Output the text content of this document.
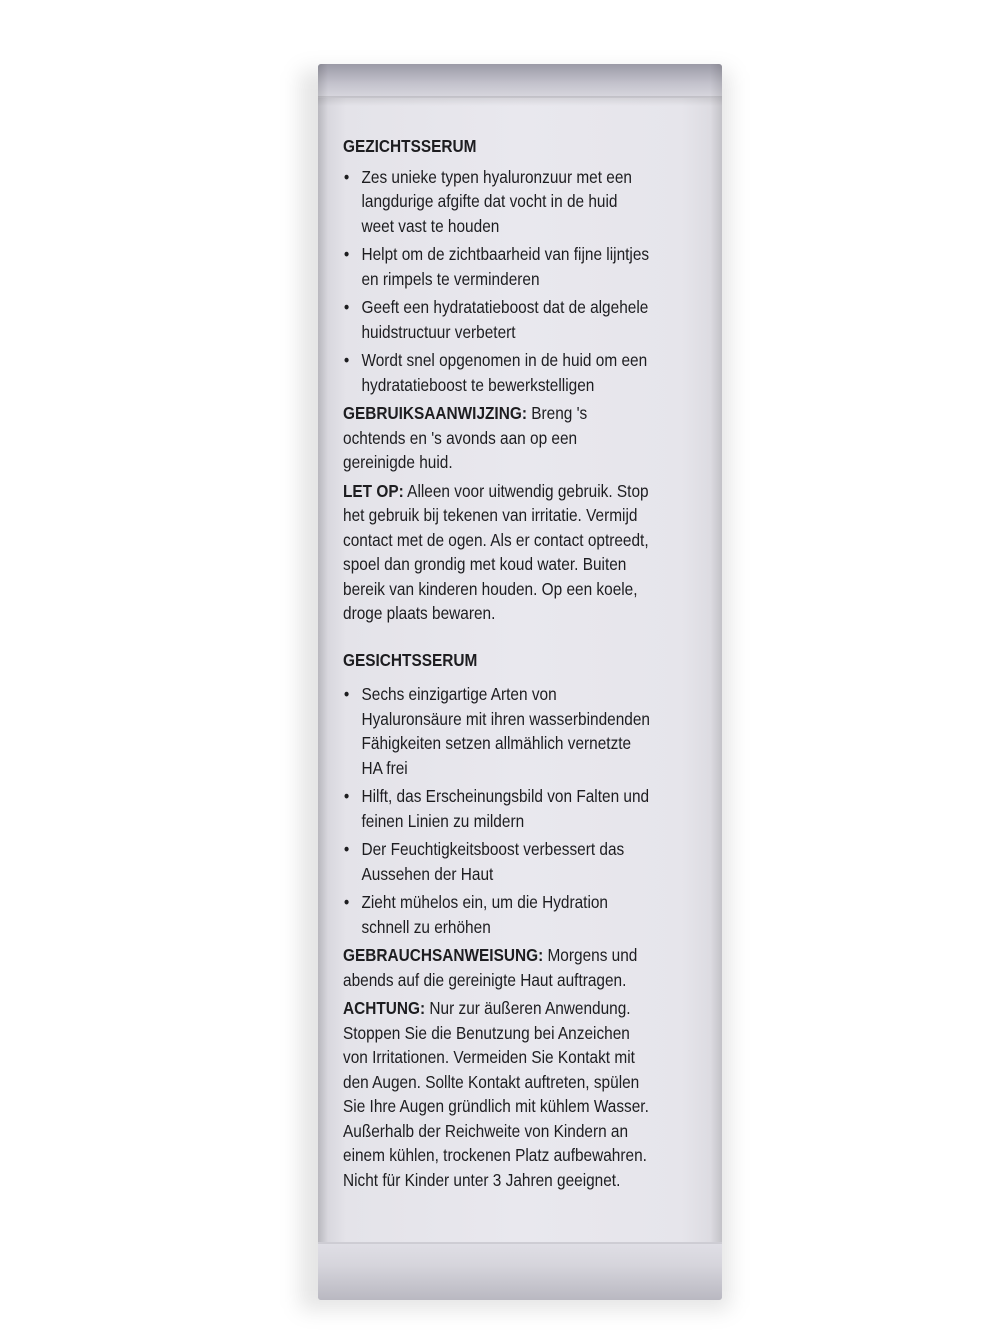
GEZICHTSSERUM
• Zes unieke typen hyaluronzuur met een langdurige afgifte dat vocht in de huid weet vast te houden
• Helpt om de zichtbaarheid van fijne lijntjes en rimpels te verminderen
• Geeft een hydratatieboost dat de algehele huidstructuur verbetert
• Wordt snel opgenomen in de huid om een hydratatieboost te bewerkstelligen

GEBRUIKSAANWIJZING: Breng 's ochtends en 's avonds aan op een gereinigde huid.

LET OP: Alleen voor uitwendig gebruik. Stop het gebruik bij tekenen van irritatie. Vermijd contact met de ogen. Als er contact optreedt, spoel dan grondig met koud water. Buiten bereik van kinderen houden. Op een koele, droge plaats bewaren.

GESICHTSSERUM
• Sechs einzigartige Arten von Hyaluronsäure mit ihren wasserbindenden Fähigkeiten setzen allmählich vernetzte HA frei
• Hilft, das Erscheinungsbild von Falten und feinen Linien zu mildern
• Der Feuchtigkeitsboost verbessert das Aussehen der Haut
• Zieht mühelos ein, um die Hydration schnell zu erhöhen

GEBRAUCHSANWEISUNG: Morgens und abends auf die gereinigte Haut auftragen.

ACHTUNG: Nur zur äußeren Anwendung. Stoppen Sie die Benutzung bei Anzeichen von Irritationen. Vermeiden Sie Kontakt mit den Augen. Sollte Kontakt auftreten, spülen Sie Ihre Augen gründlich mit kühlem Wasser. Außerhalb der Reichweite von Kindern an einem kühlen, trockenen Platz aufbewahren. Nicht für Kinder unter 3 Jahren geeignet.
